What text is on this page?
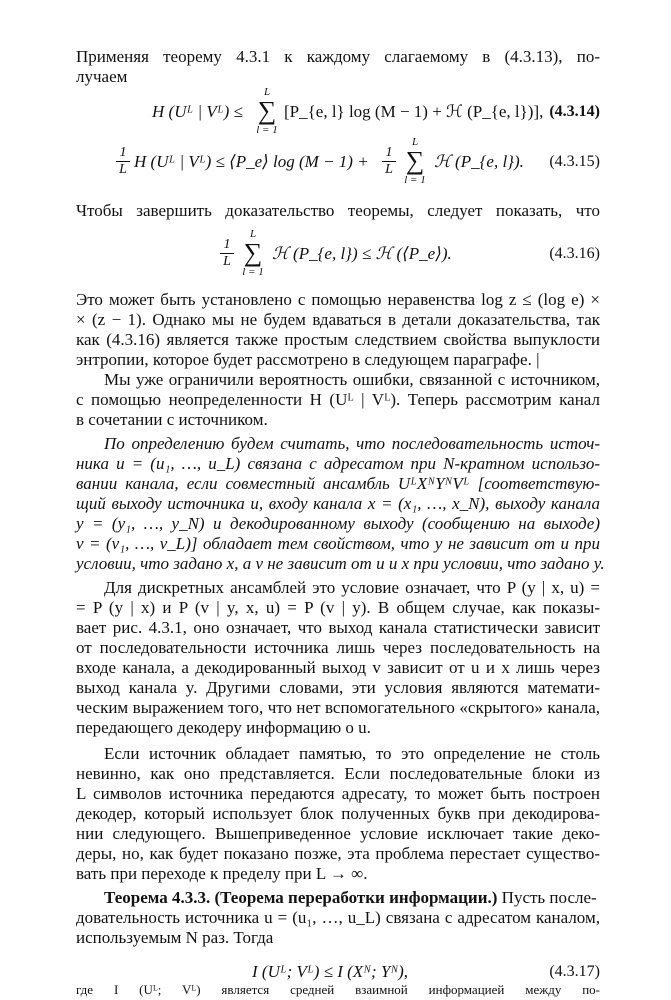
Применяя теорему 4.3.1 к каждому слагаемому в (4.3.13), по-
лучаем
H (Uᴸ | Vᴸ) ≤
L
∑
l = 1
[P_{e, l} log (M − 1) + ℋ (P_{e, l})], (4.3.14)
1
L H (Uᴸ | Vᴸ) ≤ ⟨P_e⟩ log (M − 1) + 1
L
L
∑
l = 1
ℋ (P_{e, l}).	(4.3.15)
Чтобы завершить доказательство теоремы, следует показать, что
1
L
L
∑
l = 1
ℋ (P_{e, l}) ≤ ℋ (⟨P_e⟩).	(4.3.16)
Это может быть установлено с помощью неравенства log z ≤ (log e) ×
× (z − 1). Однако мы не будем вдаваться в детали доказательства, так
как (4.3.16) является также простым следствием свойства выпуклости
энтропии, которое будет рассмотрено в следующем параграфе. |
Мы уже ограничили вероятность ошибки, связанной с источником,
с помощью неопределенности H (Uᴸ | Vᴸ). Теперь рассмотрим канал
в сочетании с источником.
По определению будем считать, что последовательность источ-
ника u = (u₁, …, u_L) связана с адресатом при N-кратном использо-
вании канала, если совместный ансамбль UᴸXᴺYᴺVᴸ [соответствую-
щий выходу источника u, входу канала x = (x₁, …, x_N), выходу канала
y = (y₁, …, y_N) и декодированному выходу (сообщению на выходе)
v = (v₁, …, v_L)] обладает тем свойством, что y не зависит от u при
условии, что задано x, а v не зависит от u и x при условии, что задано y.
Для дискретных ансамблей это условие означает, что P (y | x, u) =
= P (y | x) и P (v | y, x, u) = P (v | y). В общем случае, как показы-
вает рис. 4.3.1, оно означает, что выход канала статистически зависит
от последовательности источника лишь через последовательность на
входе канала, а декодированный выход v зависит от u и x лишь через
выход канала y. Другими словами, эти условия являются математи-
ческим выражением того, что нет вспомогательного «скрытого» канала,
передающего декодеру информацию о u.
Если источник обладает памятью, то это определение не столь
невинно, как оно представляется. Если последовательные блоки из
L символов источника передаются адресату, то может быть построен
декодер, который использует блок полученных букв при декодирова-
нии следующего. Вышеприведенное условие исключает такие деко-
деры, но, как будет показано позже, эта проблема перестает существо-
вать при переходе к пределу при L → ∞.
Теорема 4.3.3. (Теорема переработки информации.) Пусть после-
довательность источника u = (u₁, …, u_L) связана с адресатом каналом,
используемым N раз. Тогда
I (Uᴸ; Vᴸ) ≤ I (Xᴺ; Yᴺ),	(4.3.17)
где I (Uᴸ; Vᴸ) является средней взаимной информацией между по-
